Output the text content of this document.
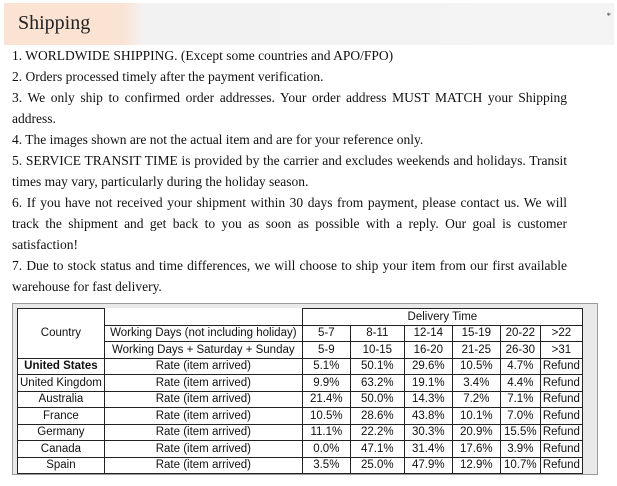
Shipping	*

1. WORLDWIDE SHIPPING. (Except some countries and APO/FPO)

2. Orders processed timely after the payment verification.

3. We only ship to confirmed order addresses. Your order address MUST MATCH your Shipping address.

4. The images shown are not the actual item and are for your reference only.

5. SERVICE TRANSIT TIME is provided by the carrier and excludes weekends and holidays. Transit times may vary, particularly during the holiday season.

6. If you have not received your shipment within 30 days from payment, please contact us. We will track the shipment and get back to you as soon as possible with a reply. Our goal is customer satisfaction!

7. Due to stock status and time differences, we will choose to ship your item from our first available warehouse for fast delivery.

Country		Delivery Time					
	Working Days (not including holiday)	5-7	8-11	12-14	15-19	20-22	>22
	Working Days + Saturday + Sunday	5-9	10-15	16-20	21-25	26-30	>31
United States	Rate (item arrived)	5.1%	50.1%	29.6%	10.5%	4.7%	Refund
United Kingdom	Rate (item arrived)	9.9%	63.2%	19.1%	3.4%	4.4%	Refund
Australia	Rate (item arrived)	21.4%	50.0%	14.3%	7.2%	7.1%	Refund
France	Rate (item arrived)	10.5%	28.6%	43.8%	10.1%	7.0%	Refund
Germany	Rate (item arrived)	11.1%	22.2%	30.3%	20.9%	15.5%	Refund
Canada	Rate (item arrived)	0.0%	47.1%	31.4%	17.6%	3.9%	Refund
Spain	Rate (item arrived)	3.5%	25.0%	47.9%	12.9%	10.7%	Refund
